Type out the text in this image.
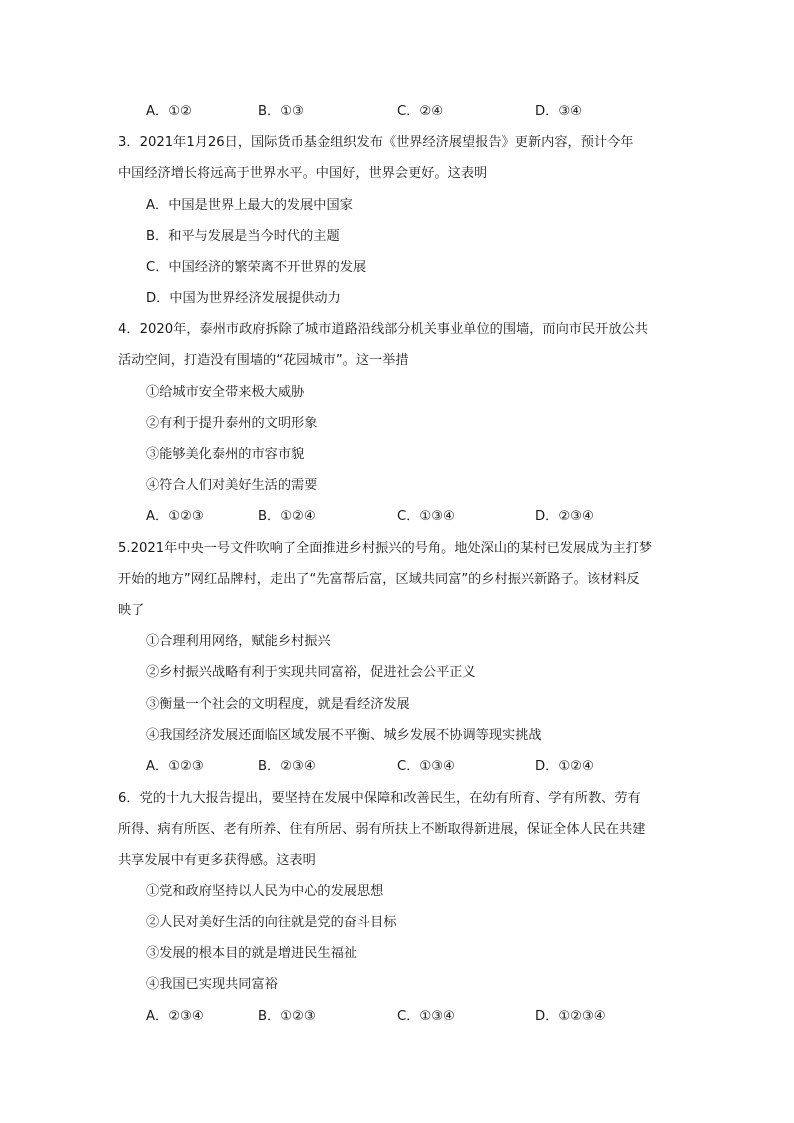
A．①②	B．①③	C．②④	D．③④
3．2021年1月26日，国际货币基金组织发布《世界经济展望报告》更新内容，预计今年
中国经济增长将远高于世界水平。中国好，世界会更好。这表明
A．中国是世界上最大的发展中国家
B．和平与发展是当今时代的主题
C．中国经济的繁荣离不开世界的发展
D．中国为世界经济发展提供动力
4．2020年，泰州市政府拆除了城市道路沿线部分机关事业单位的围墙，而向市民开放公共
活动空间，打造没有围墙的“花园城市”。这一举措
①给城市安全带来极大威胁
②有利于提升泰州的文明形象
③能够美化泰州的市容市貌
④符合人们对美好生活的需要
A．①②③	B．①②④	C．①③④	D．②③④
5.2021年中央一号文件吹响了全面推进乡村振兴的号角。地处深山的某村已发展成为主打梦
开始的地方”网红品牌村，走出了“先富帮后富，区域共同富”的乡村振兴新路子。该材料反
映了
①合理利用网络，赋能乡村振兴
②乡村振兴战略有利于实现共同富裕，促进社会公平正义
③衡量一个社会的文明程度，就是看经济发展
④我国经济发展还面临区域发展不平衡、城乡发展不协调等现实挑战
A．①②③	B．②③④	C．①③④	D．①②④
6．党的十九大报告提出，要坚持在发展中保障和改善民生，在幼有所育、学有所教、劳有
所得、病有所医、老有所养、住有所居、弱有所扶上不断取得新进展，保证全体人民在共建
共享发展中有更多获得感。这表明
①党和政府坚持以人民为中心的发展思想
②人民对美好生活的向往就是党的奋斗目标
③发展的根本目的就是增进民生福祉
④我国已实现共同富裕
A．②③④	B．①②③	C．①③④	D．①②③④
